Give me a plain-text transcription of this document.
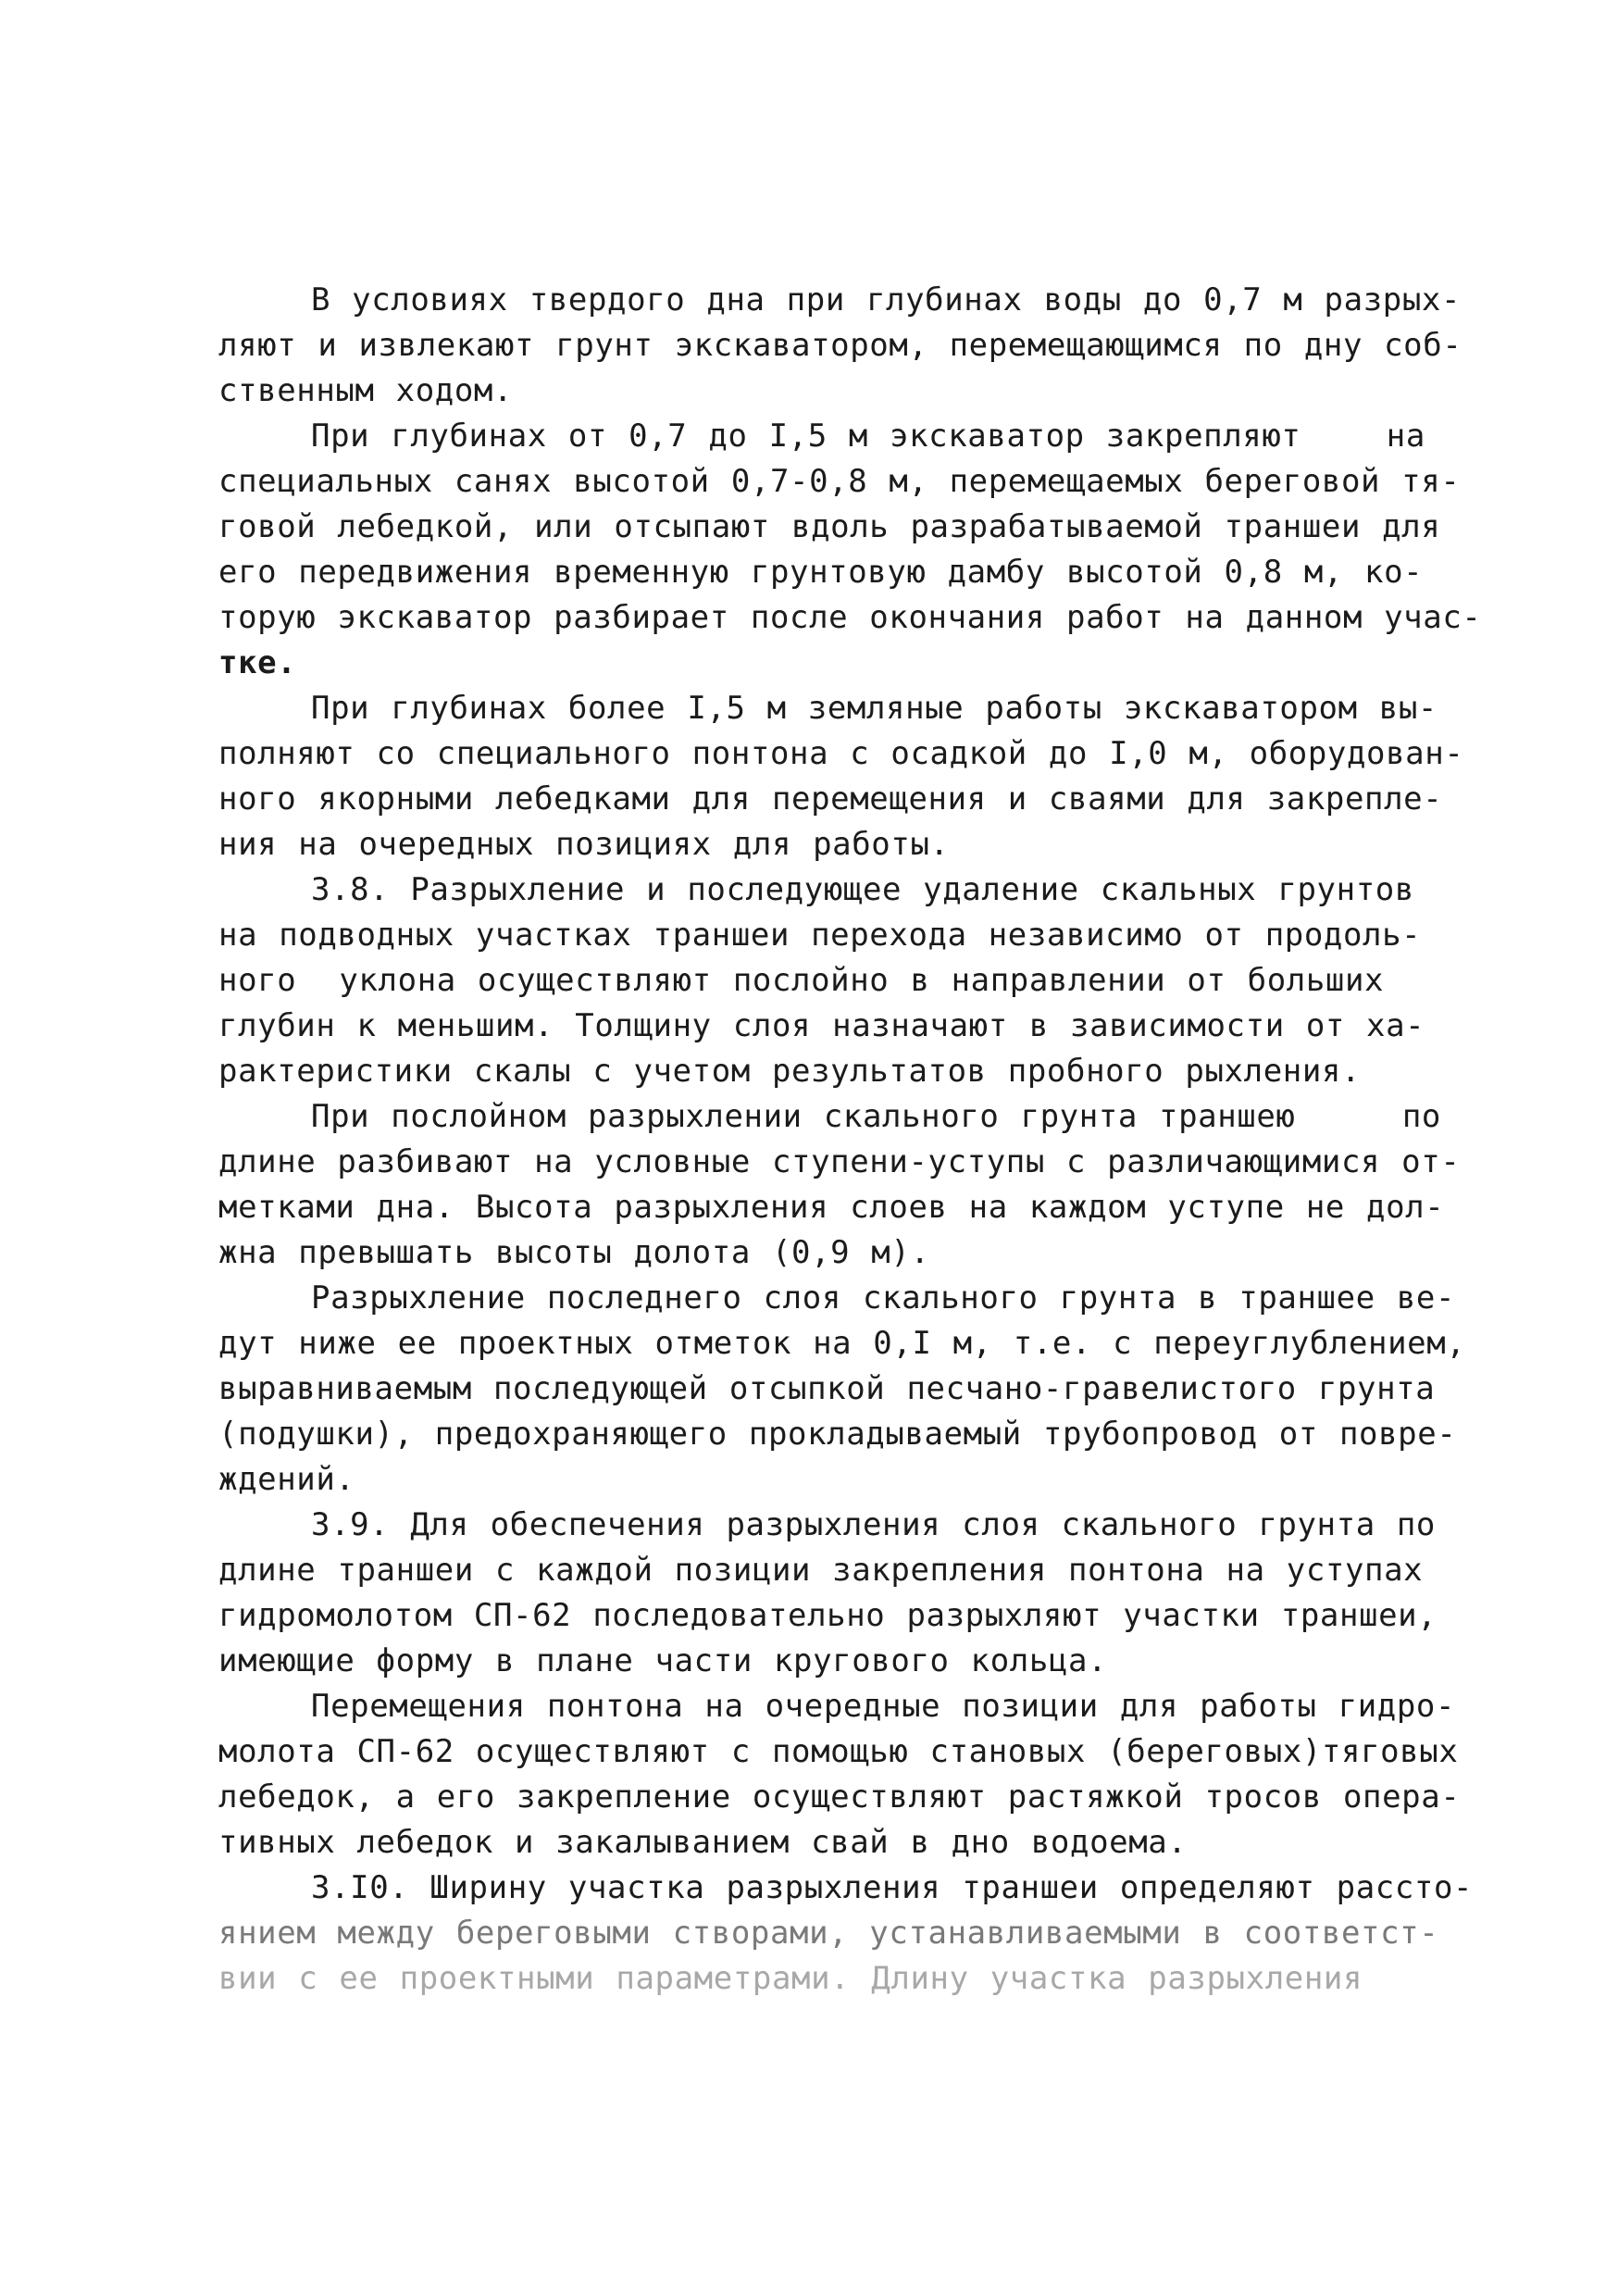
В условиях твердого дна при глубинах воды до 0,7 м разрых-
ляют и извлекают грунт экскаватором, перемещающимся по дну соб-
ственным ходом.
При глубинах от 0,7 до I,5 м экскаватор закрепляют    на
специальных санях высотой 0,7-0,8 м, перемещаемых береговой тя-
говой лебедкой, или отсыпают вдоль разрабатываемой траншеи для
его передвижения временную грунтовую дамбу высотой 0,8 м, ко-
торую экскаватор разбирает после окончания работ на данном учас-
тке.
При глубинах более I,5 м земляные работы экскаватором вы-
полняют со специального понтона с осадкой до I,0 м, оборудован-
ного якорными лебедками для перемещения и сваями для закрепле-
ния на очередных позициях для работы.
3.8. Разрыхление и последующее удаление скальных грунтов
на подводных участках траншеи перехода независимо от продоль-
ного  уклона осуществляют послойно в направлении от больших
глубин к меньшим. Толщину слоя назначают в зависимости от ха-
рактеристики скалы с учетом результатов пробного рыхления.
При послойном разрыхлении скального грунта траншею     по
длине разбивают на условные ступени-уступы с различающимися от-
метками дна. Высота разрыхления слоев на каждом уступе не дол-
жна превышать высоты долота (0,9 м).
Разрыхление последнего слоя скального грунта в траншее ве-
дут ниже ее проектных отметок на 0,I м, т.е. с переуглублением,
выравниваемым последующей отсыпкой песчано-гравелистого грунта
(подушки), предохраняющего прокладываемый трубопровод от повре-
ждений.
3.9. Для обеспечения разрыхления слоя скального грунта по
длине траншеи с каждой позиции закрепления понтона на уступах
гидромолотом СП-62 последовательно разрыхляют участки траншеи,
имеющие форму в плане части кругового кольца.
Перемещения понтона на очередные позиции для работы гидро-
молота СП-62 осуществляют с помощью становых (береговых)тяговых
лебедок, а его закрепление осуществляют растяжкой тросов опера-
тивных лебедок и закалыванием свай в дно водоема.
3.I0. Ширину участка разрыхления траншеи определяют рассто-
янием между береговыми створами, устанавливаемыми в соответст-
вии с ее проектными параметрами. Длину участка разрыхления
